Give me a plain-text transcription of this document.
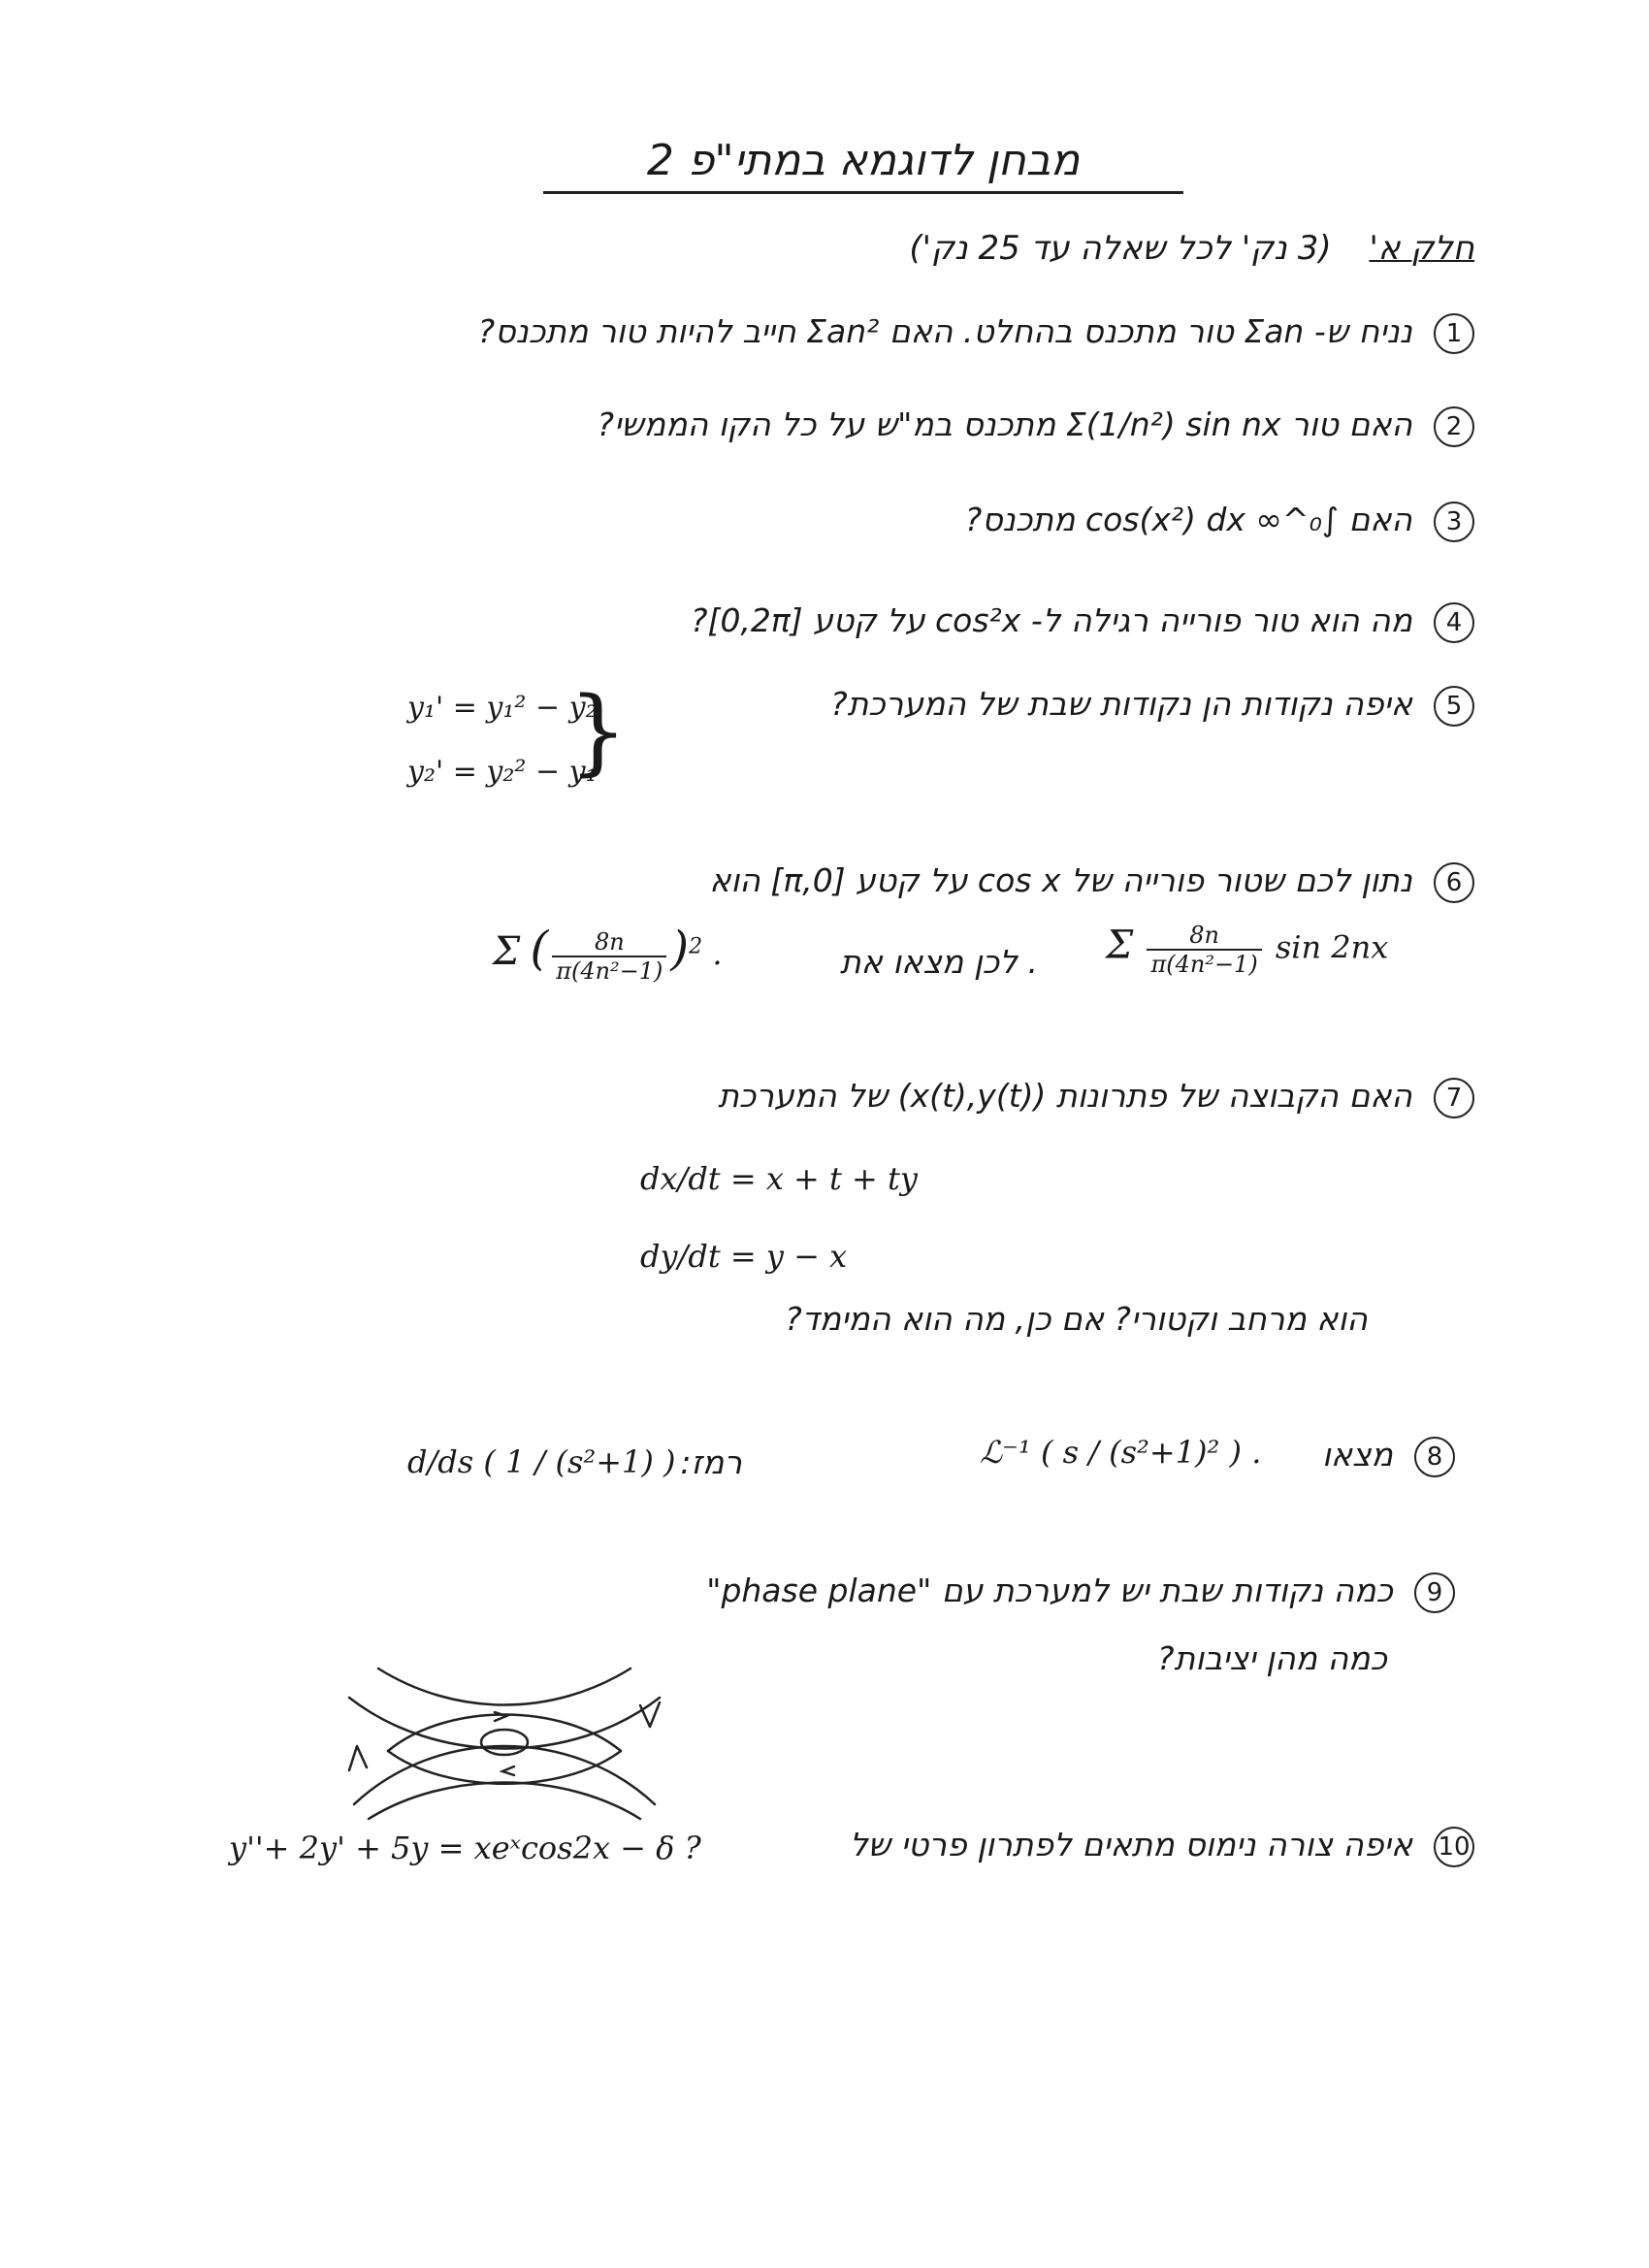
מבחן לדוגמא במתי"פ 2
חלק א' (3 נק' לכל שאלה עד 25 נק')
1נניח ש- Σan טור מתכנס בהחלט. האם Σan² חייב להיות טור מתכנס?
2האם טור Σ(1/n²) sin nx מתכנס במ"ש על כל הקו הממשי?
3האם ∫₀^∞ cos(x²) dx מתכנס?
4מה הוא טור פורייה רגילה ל- cos²x על קטע [0,2π]?
5איפה נקודות הן נקודות שבת של המערכת?
y₁' = y₁² − y₂
y₂' = y₂² − y₁
}
6נתון לכם שטור פורייה של cos x על קטע [0,π] הוא
Σ $\frac{8n}{\text{π(4n²−1)}}$ sin 2nx
. לכן מצאו את
Σ ( $\frac{8n}{\text{π(4n²−1)}} )^2$ .
7האם הקבוצה של פתרונות (x(t),y(t)) של המערכת
dx/dt = x + t + ty
dy/dt = y − x
הוא מרחב וקטורי? אם כן, מה הוא המימד?
8מצאו
ℒ⁻¹ ( s / (s²+1)² ) .
רמז:
d/ds ( 1 / (s²+1) )
9כמה נקודות שבת יש למערכת עם "phase plane"
כמה מהן יציבות?
10איפה צורה נימוס מתאים לפתרון פרטי של
y''+ 2y' + 5y = xeˣcos2x − δ ?
